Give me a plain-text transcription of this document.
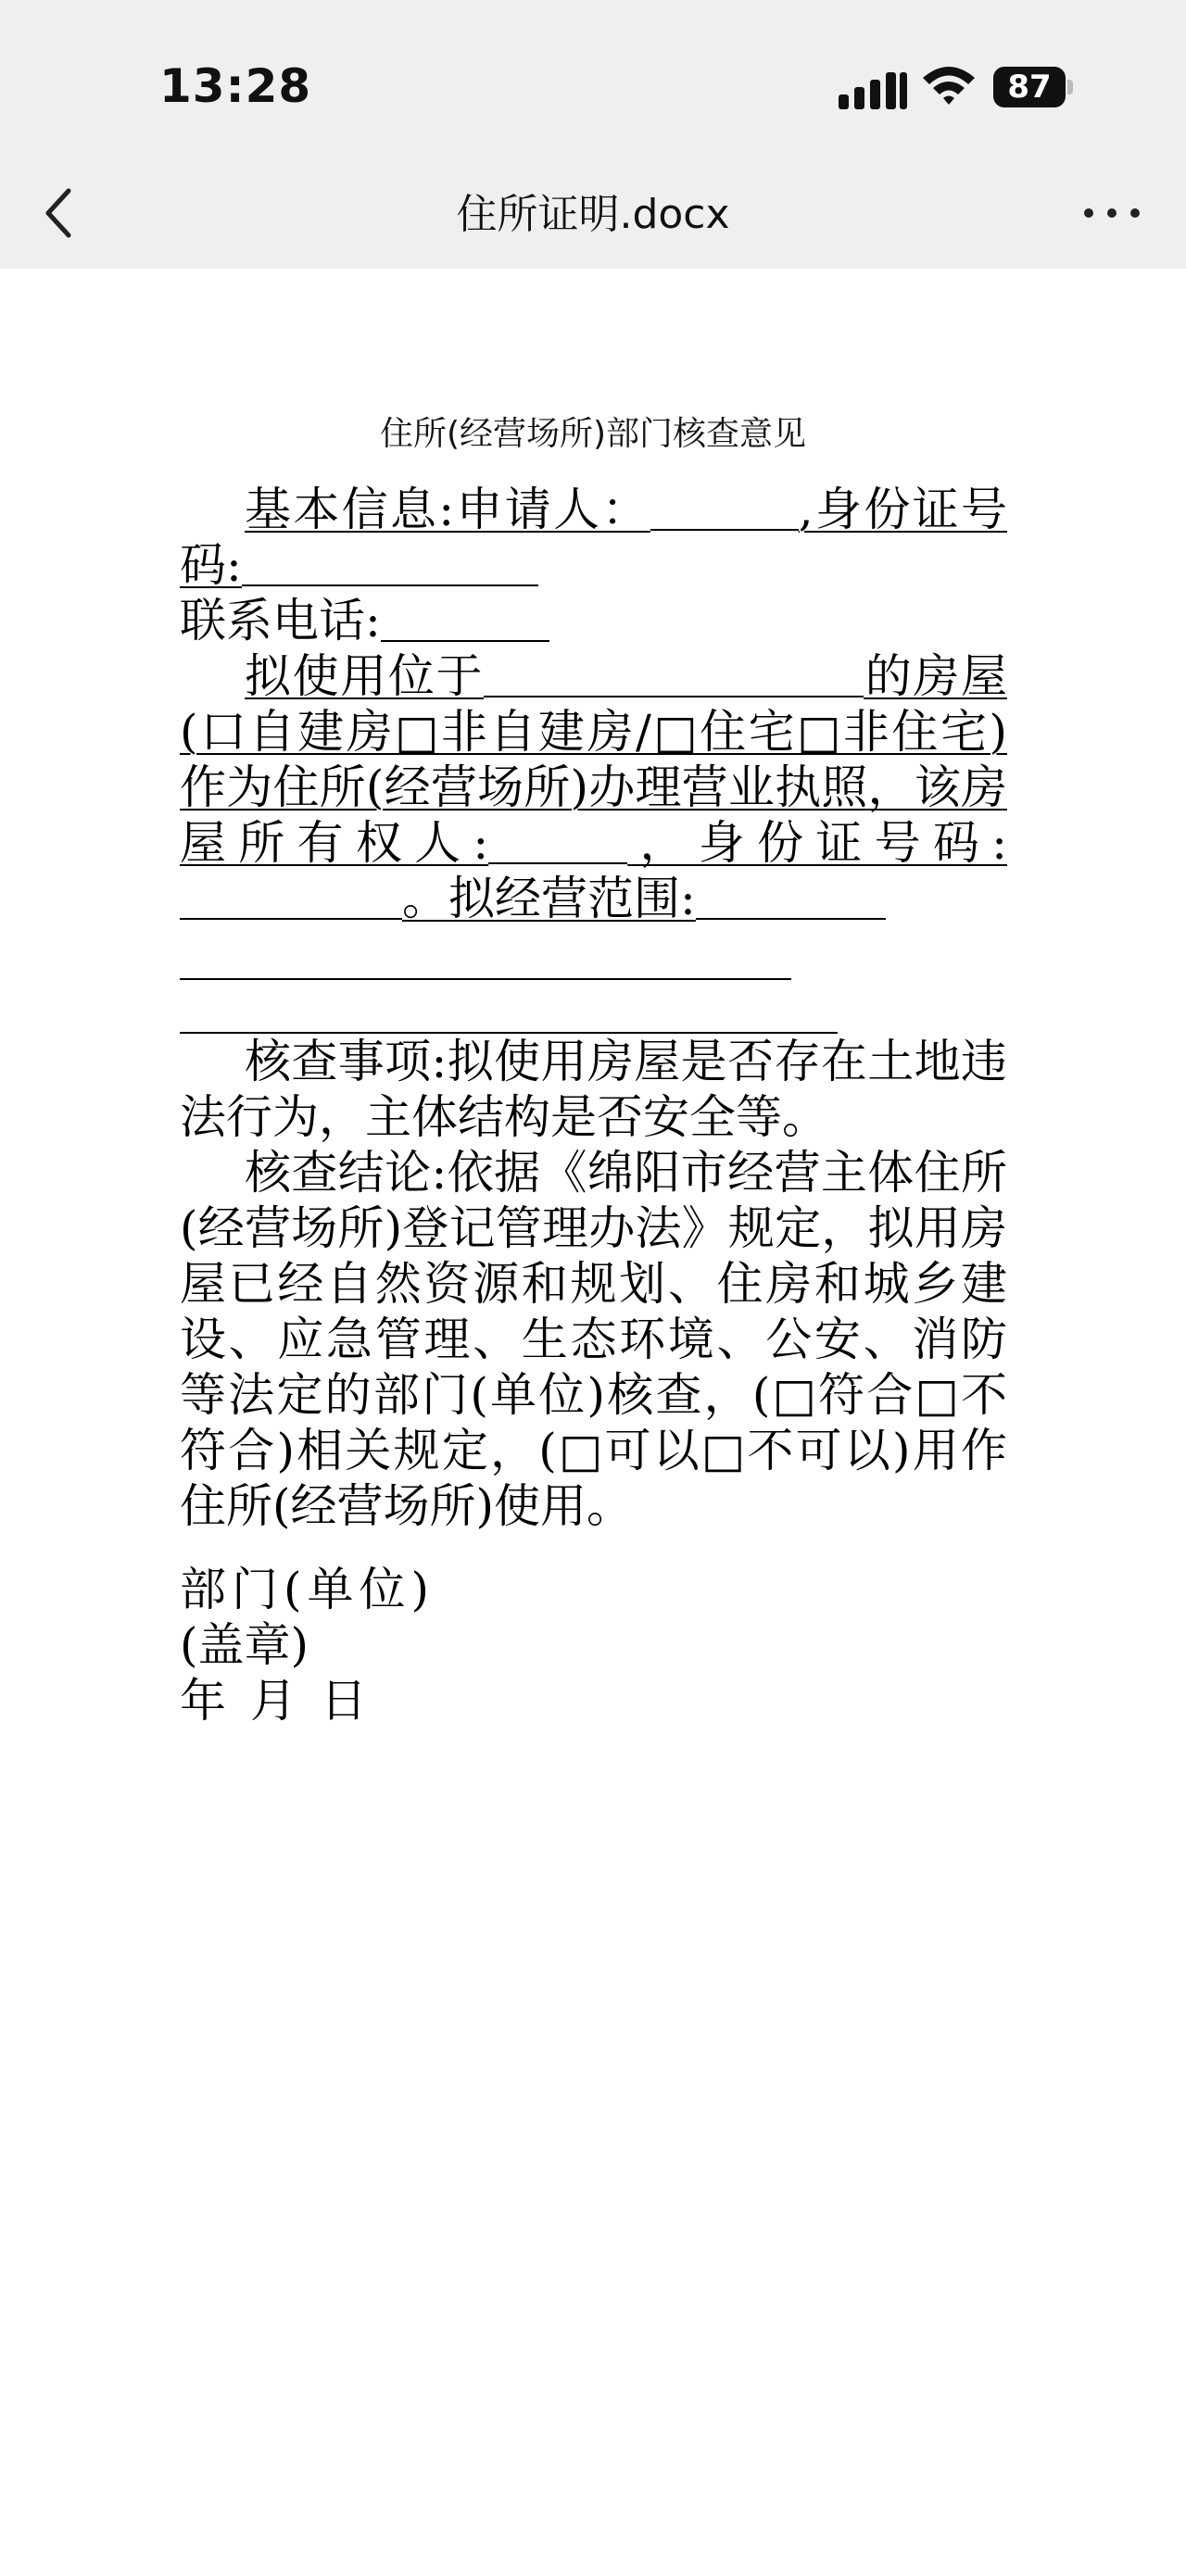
13:28	87
住所证明.docx
住所(经营场所)部门核查意见

基本信息:申请人：	,身份证号码:

联系电话:

拟使用位于	的房屋(口自建房□非自建房/□住宅□非住宅)作为住所(经营场所)办理营业执照，该房屋所有权人:	，身份证号码:。拟经营范围:

核查事项:拟使用房屋是否存在土地违法行为，主体结构是否安全等。

核查结论:依据《绵阳市经营主体住所(经营场所)登记管理办法》规定，拟用房屋已经自然资源和规划、住房和城乡建设、应急管理、生态环境、公安、消防等法定的部门(单位)核查，(□符合□不符合)相关规定，(□可以□不可以)用作住所(经营场所)使用。

部门(单位)

(盖章)

年月日
